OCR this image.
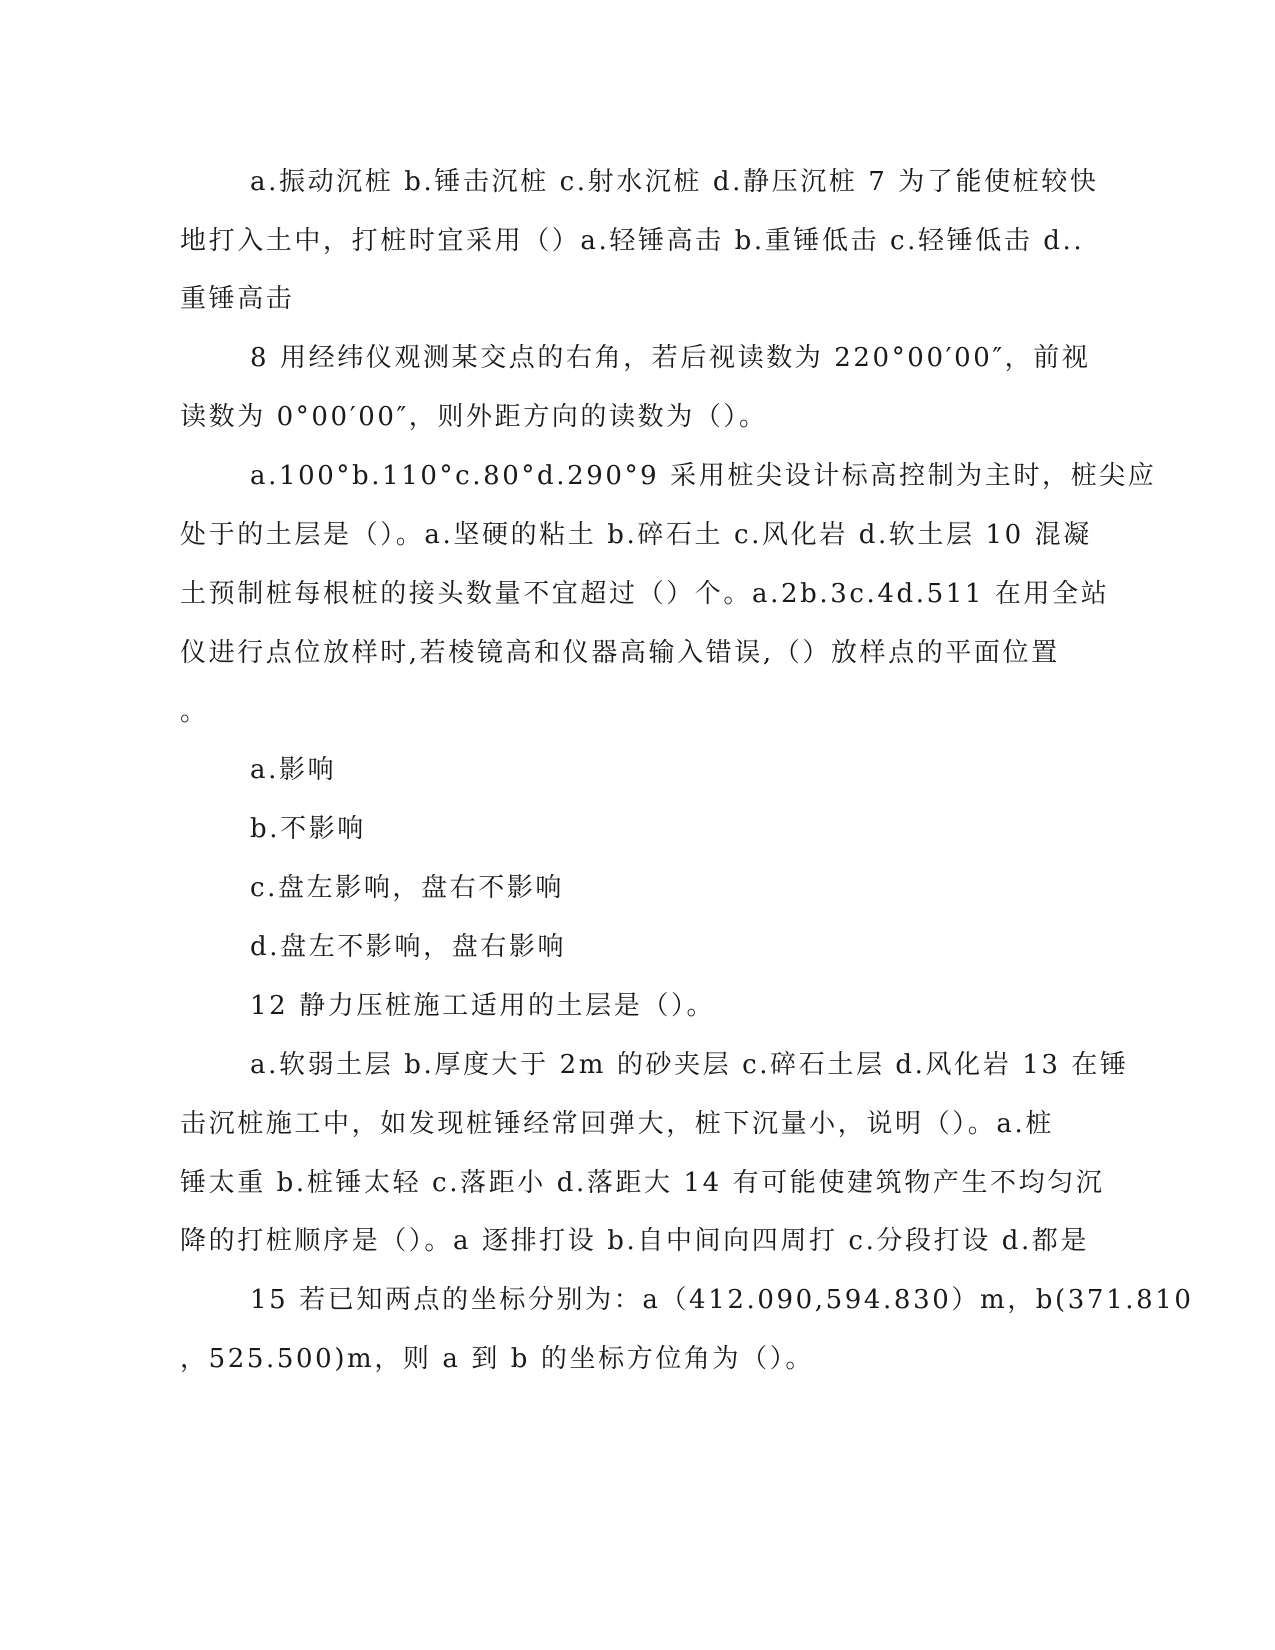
a.振动沉桩 b.锤击沉桩 c.射水沉桩 d.静压沉桩 7 为了能使桩较快
地打入土中，打桩时宜采用（）a.轻锤高击 b.重锤低击 c.轻锤低击 d..
重锤高击
8 用经纬仪观测某交点的右角，若后视读数为 220°00′00″，前视
读数为 0°00′00″，则外距方向的读数为（）。
a.100°b.110°c.80°d.290°9 采用桩尖设计标高控制为主时，桩尖应
处于的土层是（）。a.坚硬的粘土 b.碎石土 c.风化岩 d.软土层 10 混凝
土预制桩每根桩的接头数量不宜超过（）个。a.2b.3c.4d.511 在用全站
仪进行点位放样时,若棱镜高和仪器高输入错误,（）放样点的平面位置
。
a.影响
b.不影响
c.盘左影响，盘右不影响
d.盘左不影响，盘右影响
12 静力压桩施工适用的土层是（）。
a.软弱土层 b.厚度大于 2m 的砂夹层 c.碎石土层 d.风化岩 13 在锤
击沉桩施工中，如发现桩锤经常回弹大，桩下沉量小，说明（）。a.桩
锤太重 b.桩锤太轻 c.落距小 d.落距大 14 有可能使建筑物产生不均匀沉
降的打桩顺序是（）。a 逐排打设 b.自中间向四周打 c.分段打设 d.都是
15 若已知两点的坐标分别为：a（412.090,594.830）m，b(371.810
，525.500)m，则 a 到 b 的坐标方位角为（）。
